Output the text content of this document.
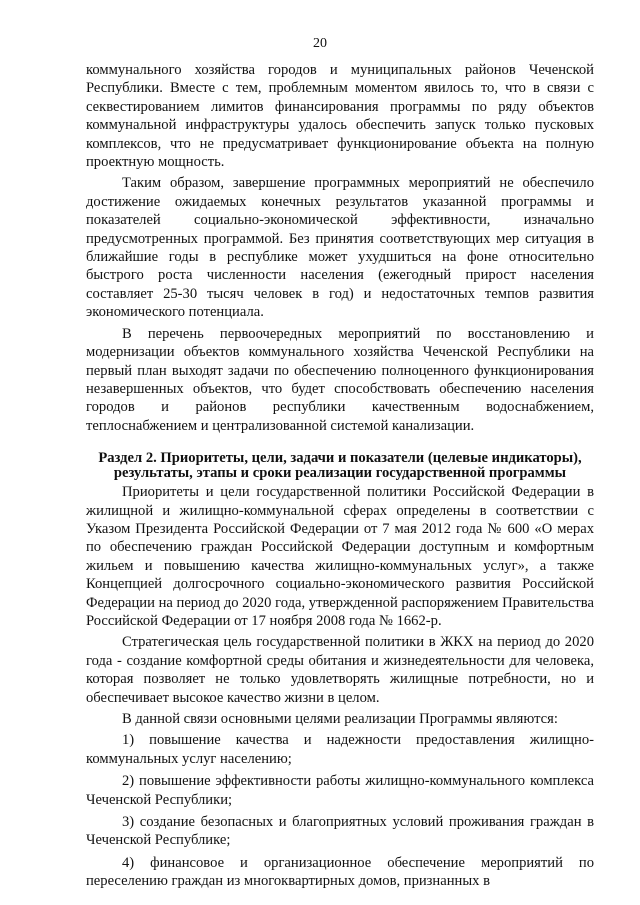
20

коммунального хозяйства городов и муниципальных районов Чеченской Республики. Вместе с тем, проблемным моментом явилось то, что в связи с секвестированием лимитов финансирования программы по ряду объектов коммунальной инфраструктуры удалось обеспечить запуск только пусковых комплексов, что не предусматривает функционирование объекта на полную проектную мощность.

Таким образом, завершение программных мероприятий не обеспечило достижение ожидаемых конечных результатов указанной программы и показателей социально-экономической эффективности, изначально предусмотренных программой. Без принятия соответствующих мер ситуация в ближайшие годы в республике может ухудшиться на фоне относительно быстрого роста численности населения (ежегодный прирост населения составляет 25-30 тысяч человек в год) и недостаточных темпов развития экономического потенциала.

В перечень первоочередных мероприятий по восстановлению и модернизации объектов коммунального хозяйства Чеченской Республики на первый план выходят задачи по обеспечению полноценного функционирования незавершенных объектов, что будет способствовать обеспечению населения городов и районов республики качественным водоснабжением, теплоснабжением и централизованной системой канализации.

Раздел 2. Приоритеты, цели, задачи и показатели (целевые индикаторы), результаты, этапы и сроки реализации государственной программы

Приоритеты и цели государственной политики Российской Федерации в жилищной и жилищно-коммунальной сферах определены в соответствии с Указом Президента Российской Федерации от 7 мая 2012 года № 600 «О мерах по обеспечению граждан Российской Федерации доступным и комфортным жильем и повышению качества жилищно-коммунальных услуг», а также Концепцией долгосрочного социально-экономического развития Российской Федерации на период до 2020 года, утвержденной распоряжением Правительства Российской Федерации от 17 ноября 2008 года № 1662-р.

Стратегическая цель государственной политики в ЖКХ на период до 2020 года - создание комфортной среды обитания и жизнедеятельности для человека, которая позволяет не только удовлетворять жилищные потребности, но и обеспечивает высокое качество жизни в целом.

В данной связи основными целями реализации Программы являются:

1) повышение качества и надежности предоставления жилищно-коммунальных услуг населению;

2) повышение эффективности работы жилищно-коммунального комплекса Чеченской Республики;

3) создание безопасных и благоприятных условий проживания граждан в Чеченской Республике;

4) финансовое и организационное обеспечение мероприятий по переселению граждан из многоквартирных домов, признанных в
